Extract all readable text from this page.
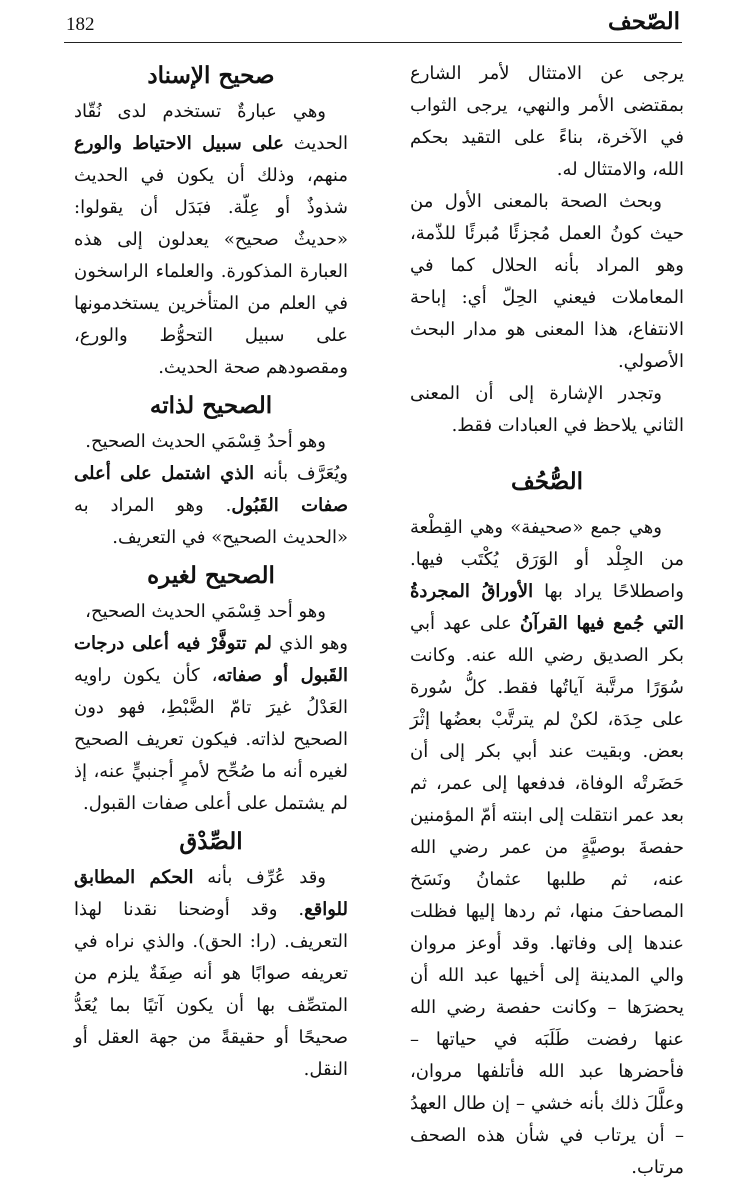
182	الصّحف

يرجى عن الامتثال لأمر الشارع بمقتضى الأمر والنهي، يرجى الثواب في الآخرة، بناءً على التقيد بحكم الله، والامتثال له.

وبحث الصحة بالمعنى الأول من حيث كونُ العمل مُجزئًا مُبرئًا للذّمة، وهو المراد بأنه الحلال كما في المعاملات فيعني الحِلّ أي: إباحة الانتفاع، هذا المعنى هو مدار البحث الأصولي.

وتجدر الإشارة إلى أن المعنى الثاني يلاحظ في العبادات فقط.

الصُّحُف

وهي جمع «صحيفة» وهي القِطْعة من الجِلْد أو الوَرَق يُكْتَب فيها. واصطلاحًا يراد بها الأوراقُ المجردةُ التي جُمع فيها القرآنُ على عهد أبي بكر الصديق رضي الله عنه. وكانت سُوَرًا مرتَّبة آياتُها فقط. كلُّ سُورة على حِدَة، لكنْ لم يترتَّبْ بعضُها إثْرَ بعض. وبقيت عند أبي بكر إلى أن حَضَرتْه الوفاة، فدفعها إلى عمر، ثم بعد عمر انتقلت إلى ابنته أمّ المؤمنين حفصةَ بوصيَّةٍ من عمر رضي الله عنه، ثم طلبها عثمانُ ونَسَخ المصاحفَ منها، ثم ردها إليها فظلت عندها إلى وفاتها. وقد أوعز مروان والي المدينة إلى أخيها عبد الله أن يحضرَها – وكانت حفصة رضي الله عنها رفضت طَلَبَه في حياتها – فأحضرها عبد الله فأتلفها مروان، وعلَّلَ ذلك بأنه خشي – إن طال العهدُ – أن يرتاب في شأن هذه الصحف مرتاب.

صحيح الإسناد

وهي عبارةٌ تستخدم لدى نُقّاد الحديث على سبيل الاحتياط والورع منهم، وذلك أن يكون في الحديث شذوذٌ أو عِلّة. فبَدَل أن يقولوا: «حديثٌ صحيح» يعدلون إلى هذه العبارة المذكورة. والعلماء الراسخون في العلم من المتأخرين يستخدمونها على سبيل التحوُّط والورع، ومقصودهم صحة الحديث.

الصحيح لذاته

وهو أحدُ قِسْمَي الحديث الصحيح.

ويُعَرَّف بأنه الذي اشتمل على أعلى صفات القَبُول. وهو المراد به «الحديث الصحيح» في التعريف.

الصحيح لغيره

وهو أحد قِسْمَي الحديث الصحيح،

وهو الذي لم تتوفَّرْ فيه أعلى درجات القَبول أو صفاته، كأن يكون راويه العَدْلُ غيرَ تامّ الضَّبْطِ، فهو دون الصحيح لذاته. فيكون تعريف الصحيح لغيره أنه ما صُحِّح لأمرٍ أجنبيٍّ عنه، إذ لم يشتمل على أعلى صفات القبول.

الصِّدْق

وقد عُرِّف بأنه الحكم المطابق للواقع. وقد أوضحنا نقدنا لهذا التعريف. (را: الحق). والذي نراه في تعريفه صوابًا هو أنه صِفَةٌ يلزم من المتصِّف بها أن يكون آتيًا بما يُعَدُّ صحيحًا أو حقيقةً من جهة العقل أو النقل.
